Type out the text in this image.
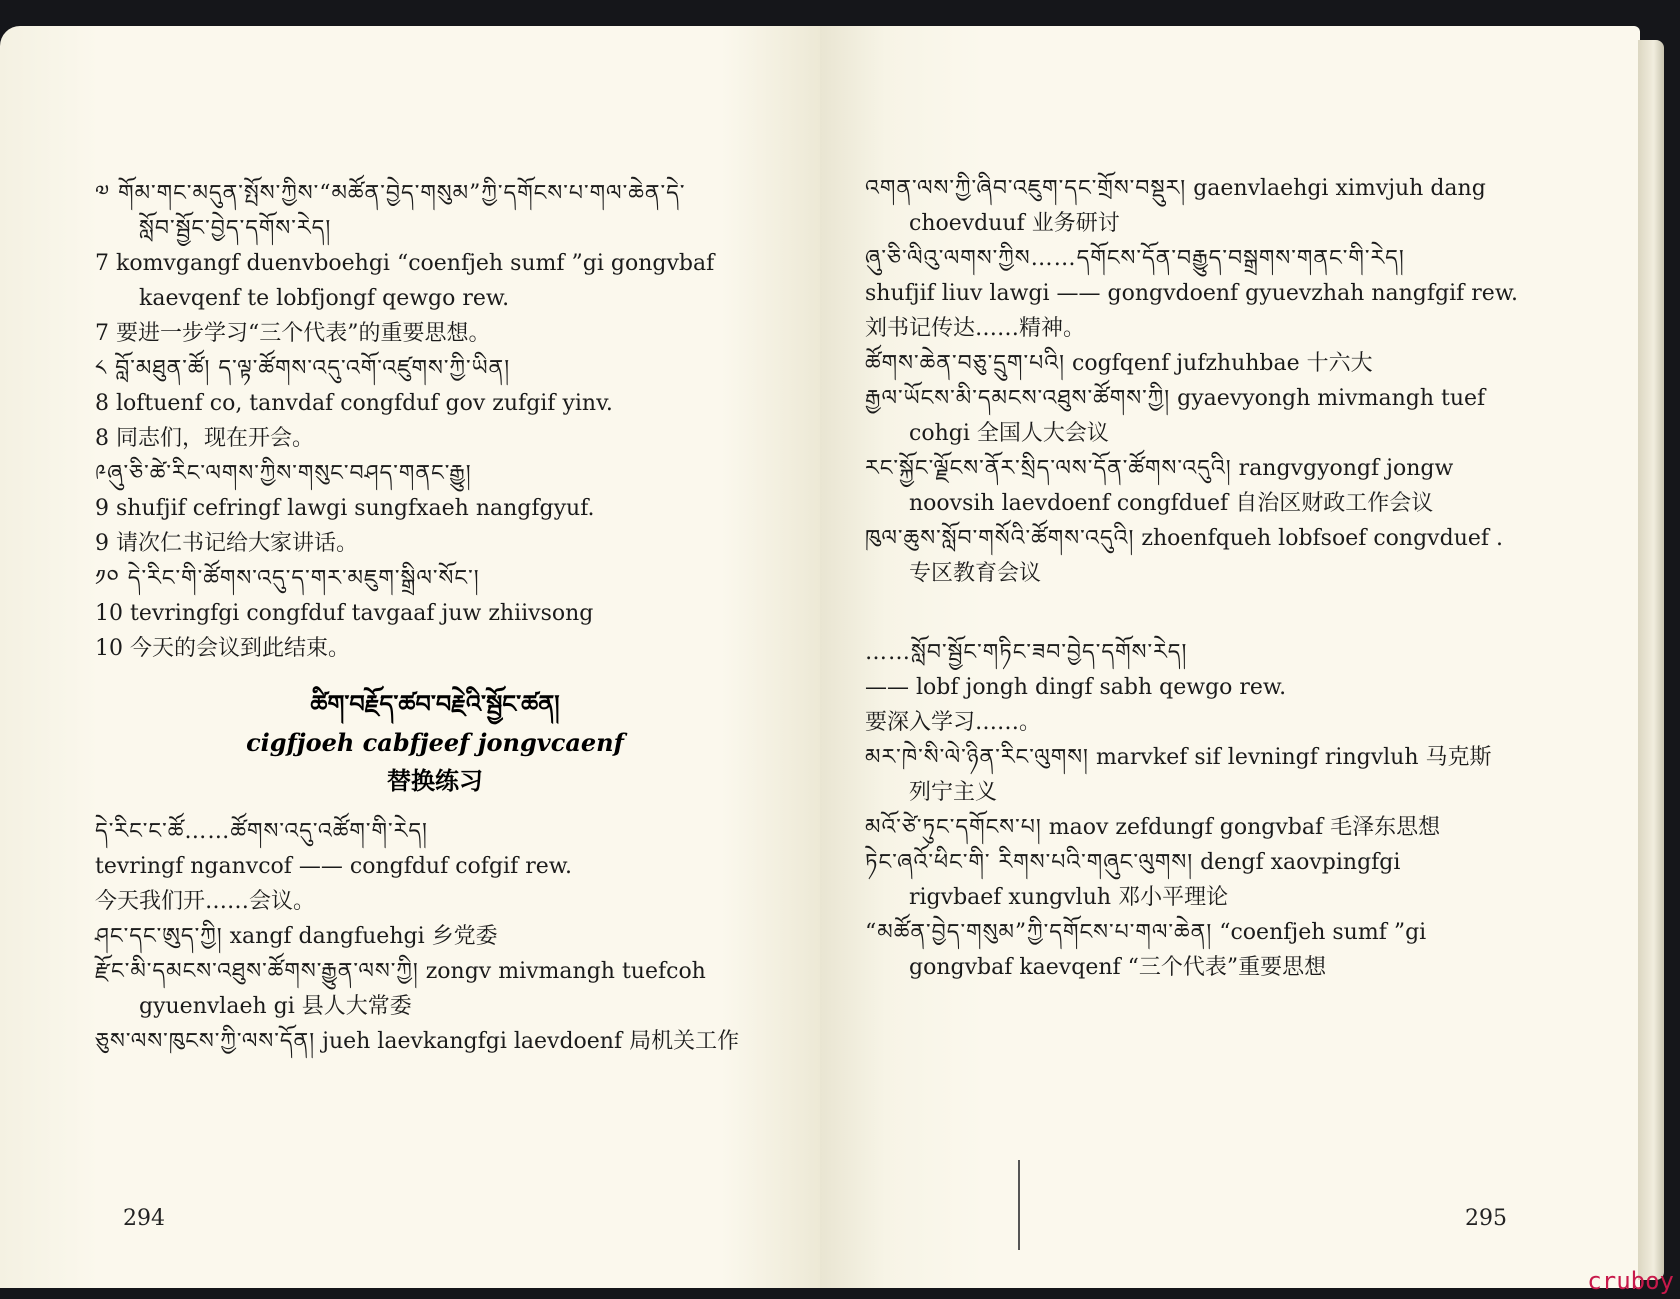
༧ གོམ་གང་མདུན་སྤོས་ཀྱིས་“མཚོན་བྱེད་གསུམ”ཀྱི་དགོངས་པ་གལ་ཆེན་དེ་
སློབ་སྦྱོང་བྱེད་དགོས་རེད།
7 komvgangf duenvboehgi “coenfjeh sumf ”gi gongvbaf
kaevqenf te lobfjongf qewgo rew.
7 要进一步学习“三个代表”的重要思想。
༨ བློ་མཐུན་ཚོ། ད་ལྟ་ཚོགས་འདུ་འགོ་འཛུགས་ཀྱི་ཡིན།
8 loftuenf co, tanvdaf congfduf gov zufgif yinv.
8 同志们，现在开会。
༩ཞུ་ཅི་ཚེ་རིང་ལགས་ཀྱིས་གསུང་བཤད་གནང་རྒྱུ།
9 shufjif cefringf lawgi sungfxaeh nangfgyuf.
9 请次仁书记给大家讲话。
༡༠ དེ་རིང་གི་ཚོགས་འདུ་ད་གར་མཇུག་སྒྲིལ་སོང་།
10 tevringfgi congfduf tavgaaf juw zhiivsong
10 今天的会议到此结束。
ཚིག་བརྗོད་ཚབ་བརྗེའི་སྦྱོང་ཚན།
cigfjoeh cabfjeef jongvcaenf
替换练习
དེ་རིང་ང་ཚོ……ཚོགས་འདུ་འཚོག་གི་རེད།
tevringf nganvcof —— congfduf cofgif rew.
今天我们开……会议。
ཤང་དང་ཨུད་ཀྱི། xangf dangfuehgi 乡党委
རྫོང་མི་དམངས་འཐུས་ཚོགས་རྒྱུན་ལས་ཀྱི། zongv mivmangh tuefcoh
gyuenvlaeh gi 县人大常委
ཅུས་ལས་ཁུངས་ཀྱི་ལས་དོན། jueh laevkangfgi laevdoenf 局机关工作
294
འགན་ལས་ཀྱི་ཞིབ་འཇུག་དང་གྲོས་བསྡུར། gaenvlaehgi ximvjuh dang
choevduuf 业务研讨
ཞུ་ཅི་ལིའུ་ལགས་ཀྱིས……དགོངས་དོན་བརྒྱུད་བསྒྲགས་གནང་གི་རེད།
shufjif liuv lawgi —— gongvdoenf gyuevzhah nangfgif rew.
刘书记传达……精神。
ཚོགས་ཆེན་བཅུ་དྲུག་པའི། cogfqenf jufzhuhbae 十六大
རྒྱལ་ཡོངས་མི་དམངས་འཐུས་ཚོགས་ཀྱི། gyaevyongh mivmangh tuef
cohgi 全国人大会议
རང་སྐྱོང་ལྗོངས་ནོར་སྲིད་ལས་དོན་ཚོགས་འདུའི། rangvgyongf jongw
noovsih laevdoenf congfduef 自治区财政工作会议
ཁུལ་ཆུས་སློབ་གསོའི་ཚོགས་འདུའི། zhoenfqueh lobfsoef congvduef .
专区教育会议
……སློབ་སྦྱོང་གཏིང་ཟབ་བྱེད་དགོས་རེད།
—— lobf jongh dingf sabh qewgo rew.
要深入学习……。
མར་ཁེ་སི་ལེ་ཉིན་རིང་ལུགས། marvkef sif levningf ringvluh 马克斯
列宁主义
མའོ་ཙེ་ཏུང་དགོངས་པ། maov zefdungf gongvbaf 毛泽东思想
ཏེང་ཞའོ་ཕིང་གི་ རིགས་པའི་གཞུང་ལུགས། dengf xaovpingfgi
rigvbaef xungvluh 邓小平理论
“མཚོན་བྱེད་གསུམ”ཀྱི་དགོངས་པ་གལ་ཆེན། “coenfjeh sumf ”gi
gongvbaf kaevqenf “三个代表”重要思想
295
cruboy
